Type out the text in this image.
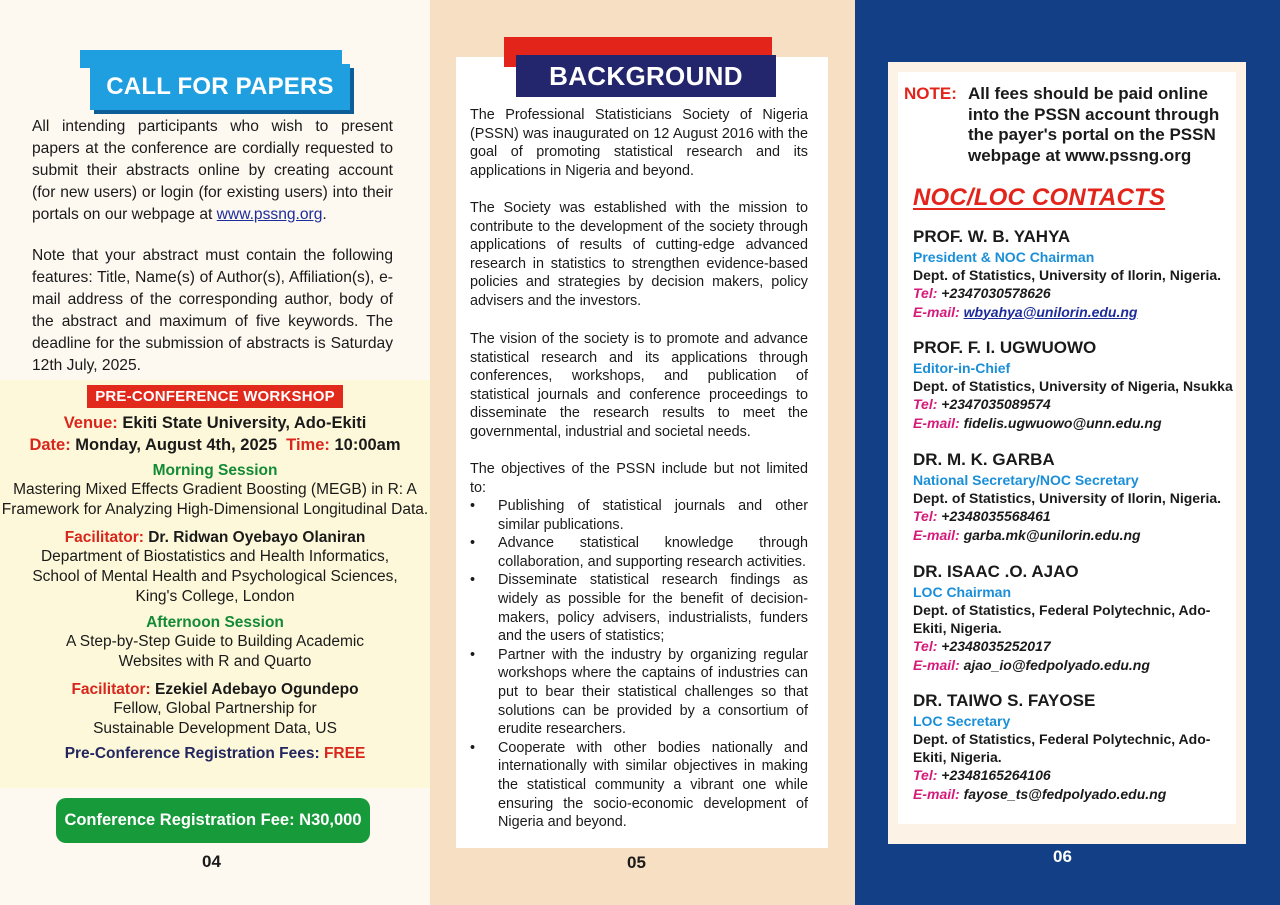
CALL FOR PAPERS

All intending participants who wish to present papers at the conference are cordially requested to submit their abstracts online by creating account (for new users) or login (for existing users) into their portals on our webpage at www.pssng.org.

Note that your abstract must contain the following features: Title, Name(s) of Author(s), Affiliation(s), e-mail address of the corresponding author, body of the abstract and maximum of five keywords. The deadline for the submission of abstracts is Saturday 12th July, 2025.

PRE-CONFERENCE WORKSHOP
Venue: Ekiti State University, Ado-Ekiti
Date: Monday, August 4th, 2025 Time: 10:00am
Morning Session
Mastering Mixed Effects Gradient Boosting (MEGB) in R: A
Framework for Analyzing High-Dimensional Longitudinal Data.
Facilitator: Dr. Ridwan Oyebayo Olaniran
Department of Biostatistics and Health Informatics,
School of Mental Health and Psychological Sciences,
King's College, London
Afternoon Session
A Step-by-Step Guide to Building Academic
Websites with R and Quarto
Facilitator: Ezekiel Adebayo Ogundepo
Fellow, Global Partnership for
Sustainable Development Data, US
Pre-Conference Registration Fees: FREE
Conference Registration Fee: N30,000
04
BACKGROUND

The Professional Statisticians Society of Nigeria (PSSN) was inaugurated on 12 August 2016 with the goal of promoting statistical research and its applications in Nigeria and beyond.

The Society was established with the mission to contribute to the development of the society through applications of results of cutting-edge advanced research in statistics to strengthen evidence-based policies and strategies by decision makers, policy advisers and the investors.

The vision of the society is to promote and advance statistical research and its applications through conferences, workshops, and publication of statistical journals and conference proceedings to disseminate the research results to meet the governmental, industrial and societal needs.

The objectives of the PSSN include but not limited to:

• Publishing of statistical journals and other similar publications.
• Advance statistical knowledge through collaboration, and supporting research activities.
• Disseminate statistical research findings as widely as possible for the benefit of decision-makers, policy advisers, industrialists, funders and the users of statistics;
• Partner with the industry by organizing regular workshops where the captains of industries can put to bear their statistical challenges so that solutions can be provided by a consortium of erudite researchers.
• Cooperate with other bodies nationally and internationally with similar objectives in making the statistical community a vibrant one while ensuring the socio-economic development of Nigeria and beyond.
05
NOTE: All fees should be paid online into the PSSN account through the payer's portal on the PSSN webpage at www.pssng.org
NOC/LOC CONTACTS
PROF. W. B. YAHYA
President & NOC Chairman
Dept. of Statistics, University of Ilorin, Nigeria.
Tel: +2347030578626
E-mail: wbyahya@unilorin.edu.ng
PROF. F. I. UGWUOWO
Editor-in-Chief
Dept. of Statistics, University of Nigeria, Nsukka
Tel: +2347035089574
E-mail: fidelis.ugwuowo@unn.edu.ng
DR. M. K. GARBA
National Secretary/NOC Secretary
Dept. of Statistics, University of Ilorin, Nigeria.
Tel: +2348035568461
E-mail: garba.mk@unilorin.edu.ng
DR. ISAAC .O. AJAO
LOC Chairman
Dept. of Statistics, Federal Polytechnic, Ado-Ekiti, Nigeria.
Tel: +2348035252017
E-mail: ajao_io@fedpolyado.edu.ng
DR. TAIWO S. FAYOSE
LOC Secretary
Dept. of Statistics, Federal Polytechnic, Ado-Ekiti, Nigeria.
Tel: +2348165264106
E-mail: fayose_ts@fedpolyado.edu.ng
06
